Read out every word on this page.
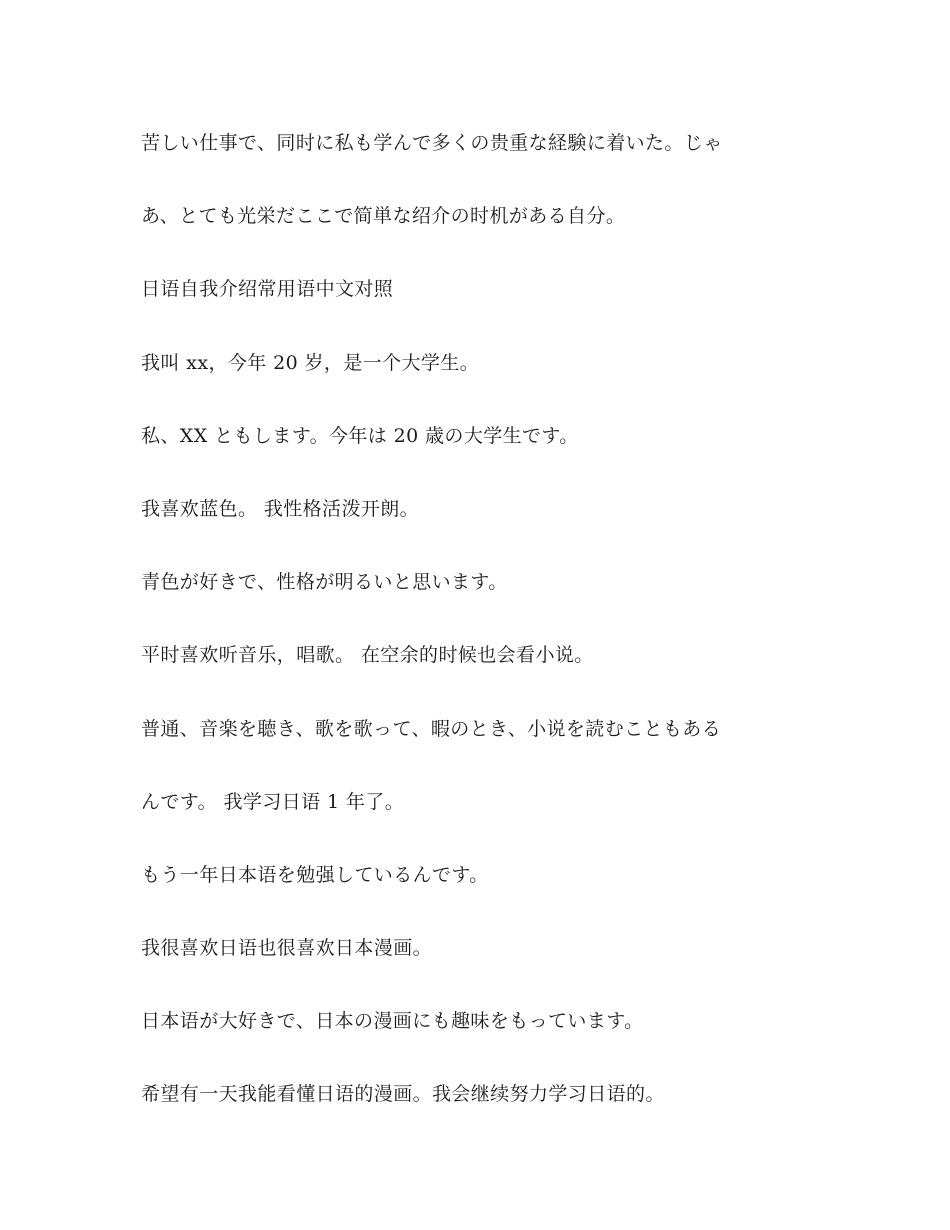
苦しい仕事で、同时に私も学んで多くの贵重な経験に着いた。じゃ

あ、とても光栄だここで简単な绍介の时机がある自分。

日语自我介绍常用语中文对照

我叫 xx，今年 20 岁，是一个大学生。

私、XX ともします。今年は 20 歳の大学生です。

我喜欢蓝色。 我性格活泼开朗。

青色が好きで、性格が明るいと思います。

平时喜欢听音乐，唱歌。 在空余的时候也会看小说。

普通、音楽を聴き、歌を歌って、暇のとき、小说を読むこともある

んです。 我学习日语 1 年了。

もう一年日本语を勉强しているんです。

我很喜欢日语也很喜欢日本漫画。

日本语が大好きで、日本の漫画にも趣味をもっています。

希望有一天我能看懂日语的漫画。我会继续努力学习日语的。
